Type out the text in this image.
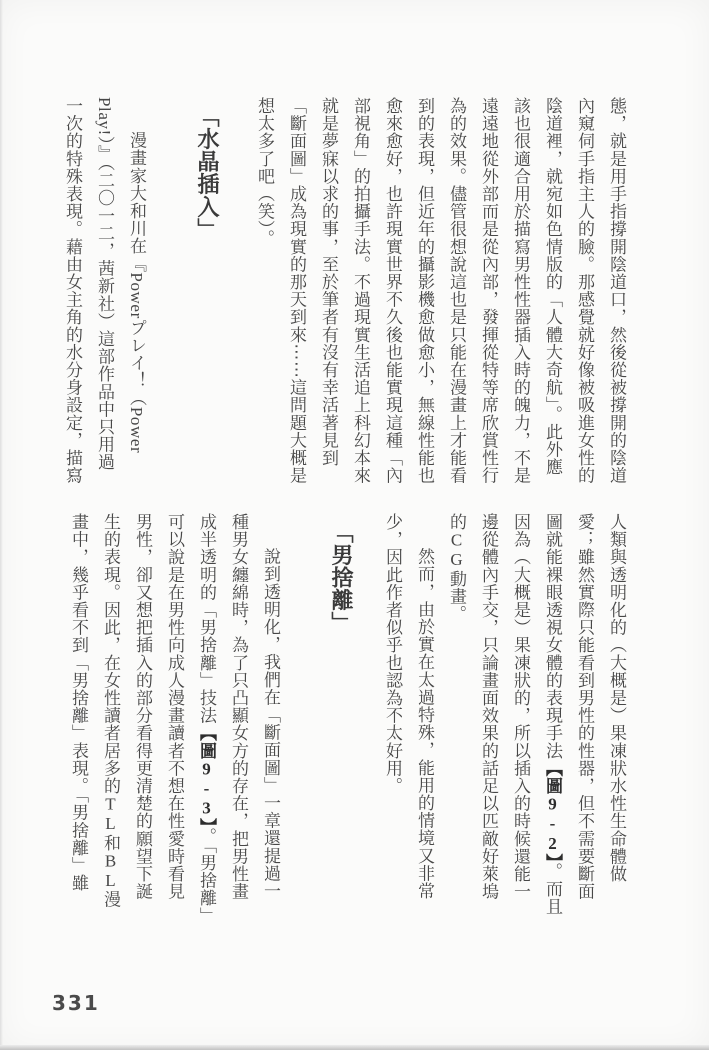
態，就是用手指撐開陰道口，然後從被撐開的陰道
內窺伺手指主人的臉。那感覺就好像被吸進女性的
陰道裡，就宛如色情版的「人體大奇航」。此外應
該也很適合用於描寫男性性器插入時的魄力，不是
遠遠地從外部而是從內部，發揮從特等席欣賞性行
為的效果。儘管很想說這也是只能在漫畫上才能看
到的表現，但近年的攝影機愈做愈小，無線性能也
愈來愈好，也許現實世界不久後也能實現這種「內
部視角」的拍攝手法。不過現實生活追上科幻本來
就是夢寐以求的事，至於筆者有沒有幸活著見到
「斷面圖」成為現實的那天到來⋯⋯這問題大概是
想太多了吧（笑）。
「水晶插入」
　漫畫家大和川在『Powerプレイ！（Power
Play!）』（二〇一二，茜新社）這部作品中只用過
一次的特殊表現。藉由女主角的水分身設定，描寫
人類與透明化的（大概是）果凍狀水性生命體做
愛；雖然實際只能看到男性的性器，但不需要斷面
圖就能裸眼透視女體的表現手法【圖9-2】。而且
因為（大概是）果凍狀的，所以插入的時候還能一
邊從體內手交，只論畫面效果的話足以匹敵好萊塢
的CG動畫。
　然而，由於實在太過特殊，能用的情境又非常
少，因此作者似乎也認為不太好用。
「男捨離」
　說到透明化，我們在「斷面圖」一章還提過一
種男女纏綿時，為了只凸顯女方的存在，把男性畫
成半透明的「男捨離」技法【圖9-3】。「男捨離」
可以說是在男性向成人漫畫讀者不想在性愛時看見
男性，卻又想把插入的部分看得更清楚的願望下誕
生的表現。因此，在女性讀者居多的TL和BL漫
畫中，幾乎看不到「男捨離」表現。「男捨離」雖
331
